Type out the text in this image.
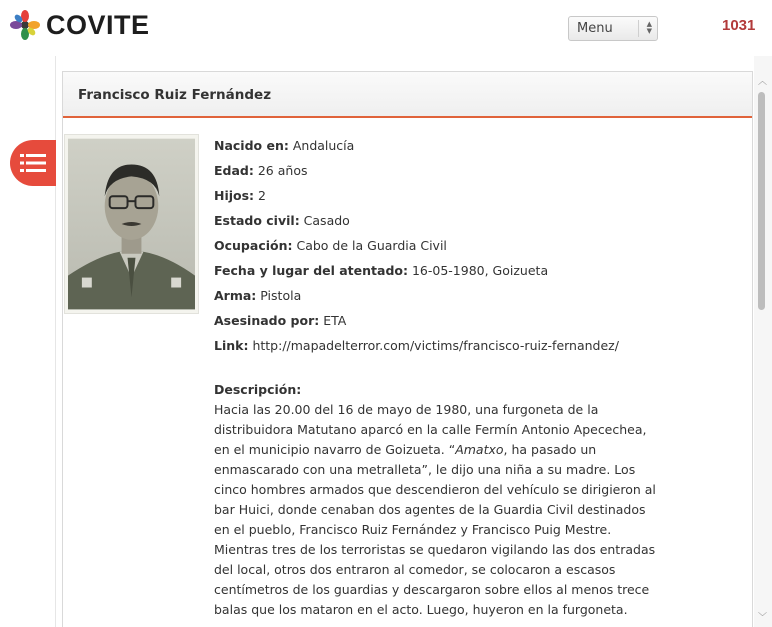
COVITE	Menu	▲
▼	1031
Francisco Ruiz Fernández
Nacido en: Andalucía
Edad: 26 años
Hijos: 2
Estado civil: Casado
Ocupación: Cabo de la Guardia Civil
Fecha y lugar del atentado: 16-05-1980, Goizueta
Arma: Pistola
Asesinado por: ETA
Link: http://mapadelterror.com/victims/francisco-ruiz-fernandez/
Descripción:
Hacia las 20.00 del 16 de mayo de 1980, una furgoneta de la distribuidora Matutano aparcó en la calle Fermín Antonio Apecechea, en el municipio navarro de Goizueta. “Amatxo, ha pasado un enmascarado con una metralleta”, le dijo una niña a su madre. Los cinco hombres armados que descendieron del vehículo se dirigieron al bar Huici, donde cenaban dos agentes de la Guardia Civil destinados en el pueblo, Francisco Ruiz Fernández y Francisco Puig Mestre. Mientras tres de los terroristas se quedaron vigilando las dos entradas del local, otros dos entraron al comedor, se colocaron a escasos centímetros de los guardias y descargaron sobre ellos al menos trece balas que los mataron en el acto. Luego, huyeron en la furgoneta.
︿
﹀
